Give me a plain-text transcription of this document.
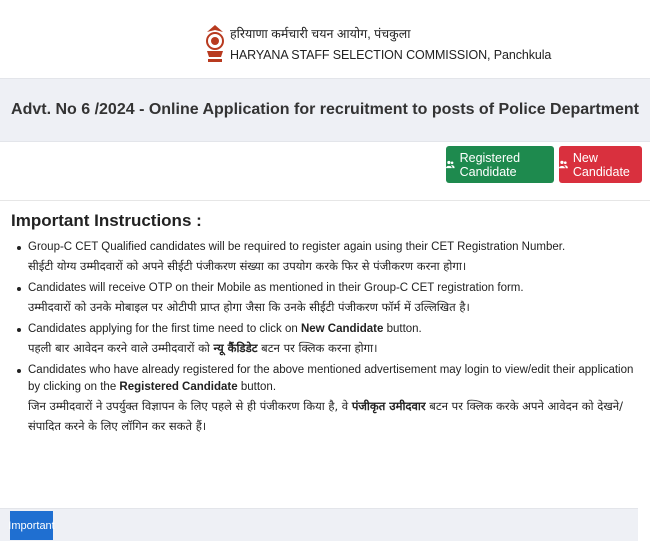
हरियाणा कर्मचारी चयन आयोग, पंचकुला
HARYANA STAFF SELECTION COMMISSION, Panchkula
Advt. No 6 /2024 - Online Application for recruitment to posts of Police Department
Registered Candidate
New Candidate
Important Instructions :
Group-C CET Qualified candidates will be required to register again using their CET Registration Number.
सीईटी योग्य उम्मीदवारों को अपने सीईटी पंजीकरण संख्या का उपयोग करके फिर से पंजीकरण करना होगा।
Candidates will receive OTP on their Mobile as mentioned in their Group-C CET registration form.
उम्मीदवारों को उनके मोबाइल पर ओटीपी प्राप्त होगा जैसा कि उनके सीईटी पंजीकरण फॉर्म में उल्लिखित है।
Candidates applying for the first time need to click on New Candidate button.
पहली बार आवेदन करने वाले उम्मीदवारों को न्यू कैंडिडेट बटन पर क्लिक करना होगा।
Candidates who have already registered for the above mentioned advertisement may login to view/edit their application by clicking on the Registered Candidate button.
जिन उम्मीदवारों ने उपर्युक्त विज्ञापन के लिए पहले से ही पंजीकरण किया है, वे पंजीकृत उमीदवार बटन पर क्लिक करके अपने आवेदन को देखने/संपादित करने के लिए लॉगिन कर सकते हैं।
Important
